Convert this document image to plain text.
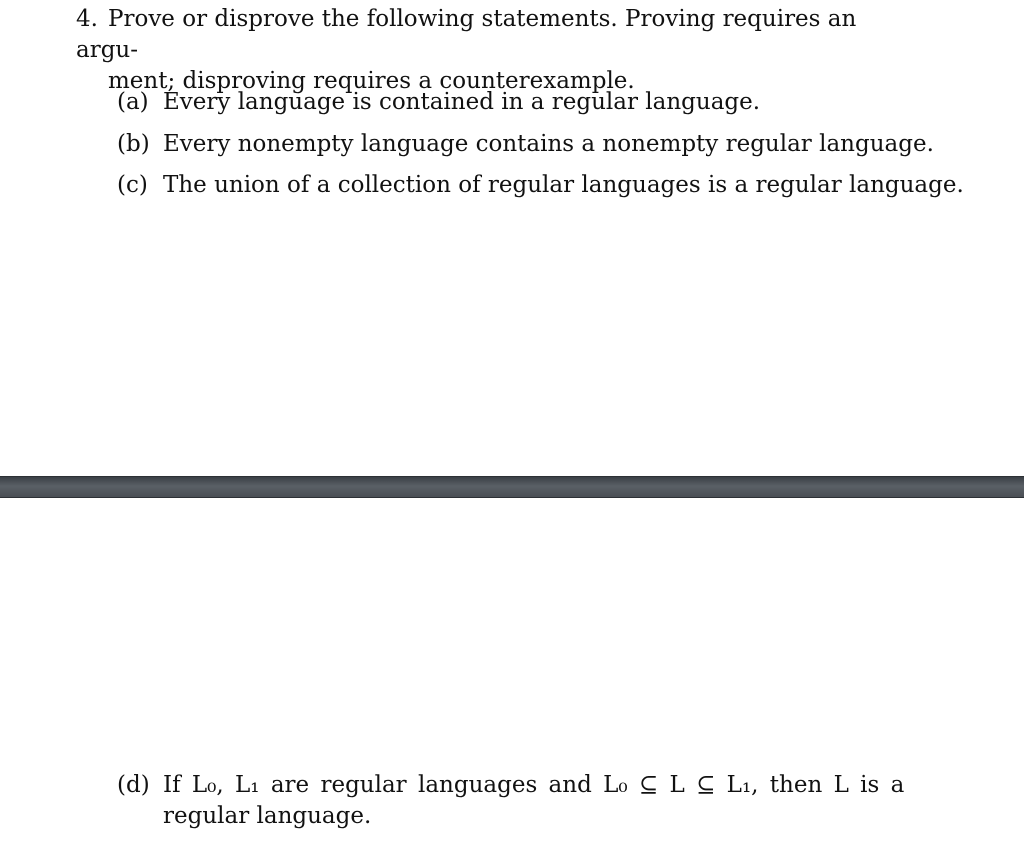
4. Prove or disprove the following statements. Proving requires an argu-
ment; disproving requires a counterexample.
(a) Every language is contained in a regular language.
(b) Every nonempty language contains a nonempty regular language.
(c) The union of a collection of regular languages is a regular language.
(d) If L₀, L₁ are regular languages and L₀ ⊆ L ⊆ L₁, then L is a
regular language.
